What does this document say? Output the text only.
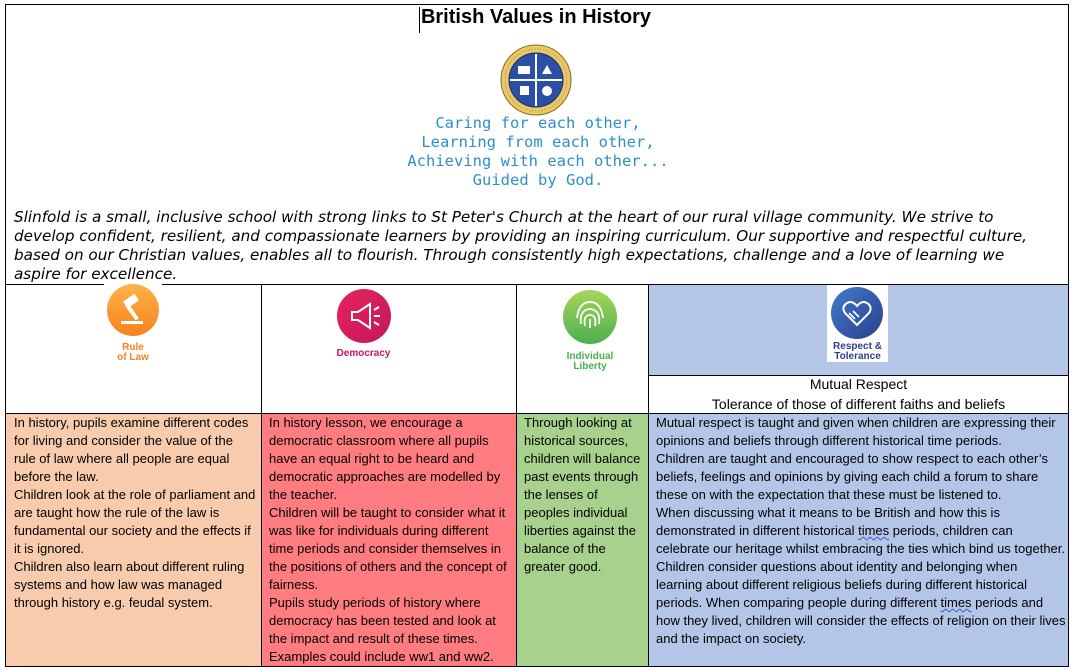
British Values in History
Caring for each other,
Learning from each other,
Achieving with each other...
Guided by God.
Slinfold is a small, inclusive school with strong links to St Peter's Church at the heart of our rural village community. We strive to develop confident, resilient, and compassionate learners by providing an inspiring curriculum. Our supportive and respectful culture, based on our Christian values, enables all to flourish. Through consistently high expectations, challenge and a love of learning we aspire for excellence.
Rule
of Law	Democracy	Individual
Liberty
Respect &
Tolerance
Mutual Respect
Tolerance of those of different faiths and beliefs

In history, pupils examine different codes for living and consider the value of the rule of law where all people are equal before the law.

Children look at the role of parliament and are taught how the rule of the law is fundamental our society and the effects if it is ignored.

Children also learn about different ruling systems and how law was managed through history e.g. feudal system.

In history lesson, we encourage a democratic classroom where all pupils have an equal right to be heard and democratic approaches are modelled by the teacher.

Children will be taught to consider what it was like for individuals during different time periods and consider themselves in the positions of others and the concept of fairness.

Pupils study periods of history where democracy has been tested and look at the impact and result of these times. Examples could include ww1 and ww2.

Through looking at historical sources, children will balance past events through the lenses of peoples individual liberties against the balance of the greater good.

Mutual respect is taught and given when children are expressing their opinions and beliefs through different historical time periods.

Children are taught and encouraged to show respect to each other’s beliefs, feelings and opinions by giving each child a forum to share these on with the expectation that these must be listened to.

When discussing what it means to be British and how this is demonstrated in different historical times periods, children can celebrate our heritage whilst embracing the ties which bind us together.

Children consider questions about identity and belonging when learning about different religious beliefs during different historical periods. When comparing people during different times periods and how they lived, children will consider the effects of religion on their lives and the impact on society.
